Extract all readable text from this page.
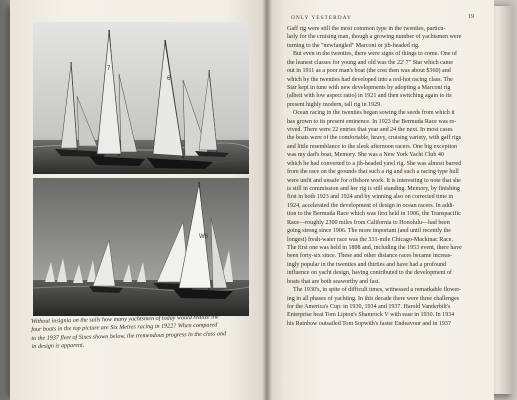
7
6
W6
Without insignia on the sails how many yachtsmen of today would realize the
four boats in the top picture are Six Metres racing in 1922? When compared
to the 1937 fleet of Sixes shown below, the tremendous progress in the class and
in design is apparent.
ONLY YESTERDAY	19
Gaff rig were still the most common type in the twenties, particu-
larly for the cruising man, though a growing number of yachtsmen were
turning to the "newfangled" Marconi or jib-headed rig.
But even in the twenties, there were signs of things to come. One of
the leanest classes for young and old was the 22' 7" Star which came
out in 1911 as a poor man's boat (the cost then was about $360) and
which by the twenties had developed into a red-hot racing class. The
Star kept in tune with new developments by adopting a Marconi rig
(albeit with low aspect ratio) in 1921 and then switching again to its
present highly modern, tall rig in 1929.
Ocean racing in the twenties began sowing the seeds from which it
has grown to its present eminence. In 1923 the Bermuda Race was re-
vived. There were 22 entries that year and 24 the next. In most cases
the boats were of the comfortable, heavy, cruising variety, with gaff rigs
and little resemblance to the sleek afternoon racers. One big exception
was my dad's boat, Memory. She was a New York Yacht Club 40
which he had converted to a jib-headed yawl rig. She was almost barred
from the race on the grounds that such a rig and such a racing type hull
were unfit and unsafe for offshore work. It is interesting to note that she
is still in commission and her rig is still standing. Memory, by finishing
first in both 1923 and 1924 and by winning also on corrected time in
1924, accelerated the development of design in ocean racers. In addi-
tion to the Bermuda Race which was first held in 1906, the Transpacific
Race—roughly 2300 miles from California to Honolulu—had been
going strong since 1906. The more important (and until recently the
longest) fresh-water race was the 331-mile Chicago-Mackinac Race.
The first one was held in 1898 and, including the 1953 event, there have
been forty-six since. These and other distance races became increas-
ingly popular in the twenties and thirties and have had a profound
influence on yacht design, having contributed to the development of
boats that are both seaworthy and fast.
The 1930's, in spite of difficult times, witnessed a remarkable flower-
ing in all phases of yachting. In this decade there were three challenges
for the America's Cup: in 1930, 1934 and 1937. Harold Vanderbilt's
Enterprise beat Tom Lipton's Shamrock V with ease in 1930. In 1934
his Rainbow outsailed Tom Sopwith's faster Endeavour and in 1937
